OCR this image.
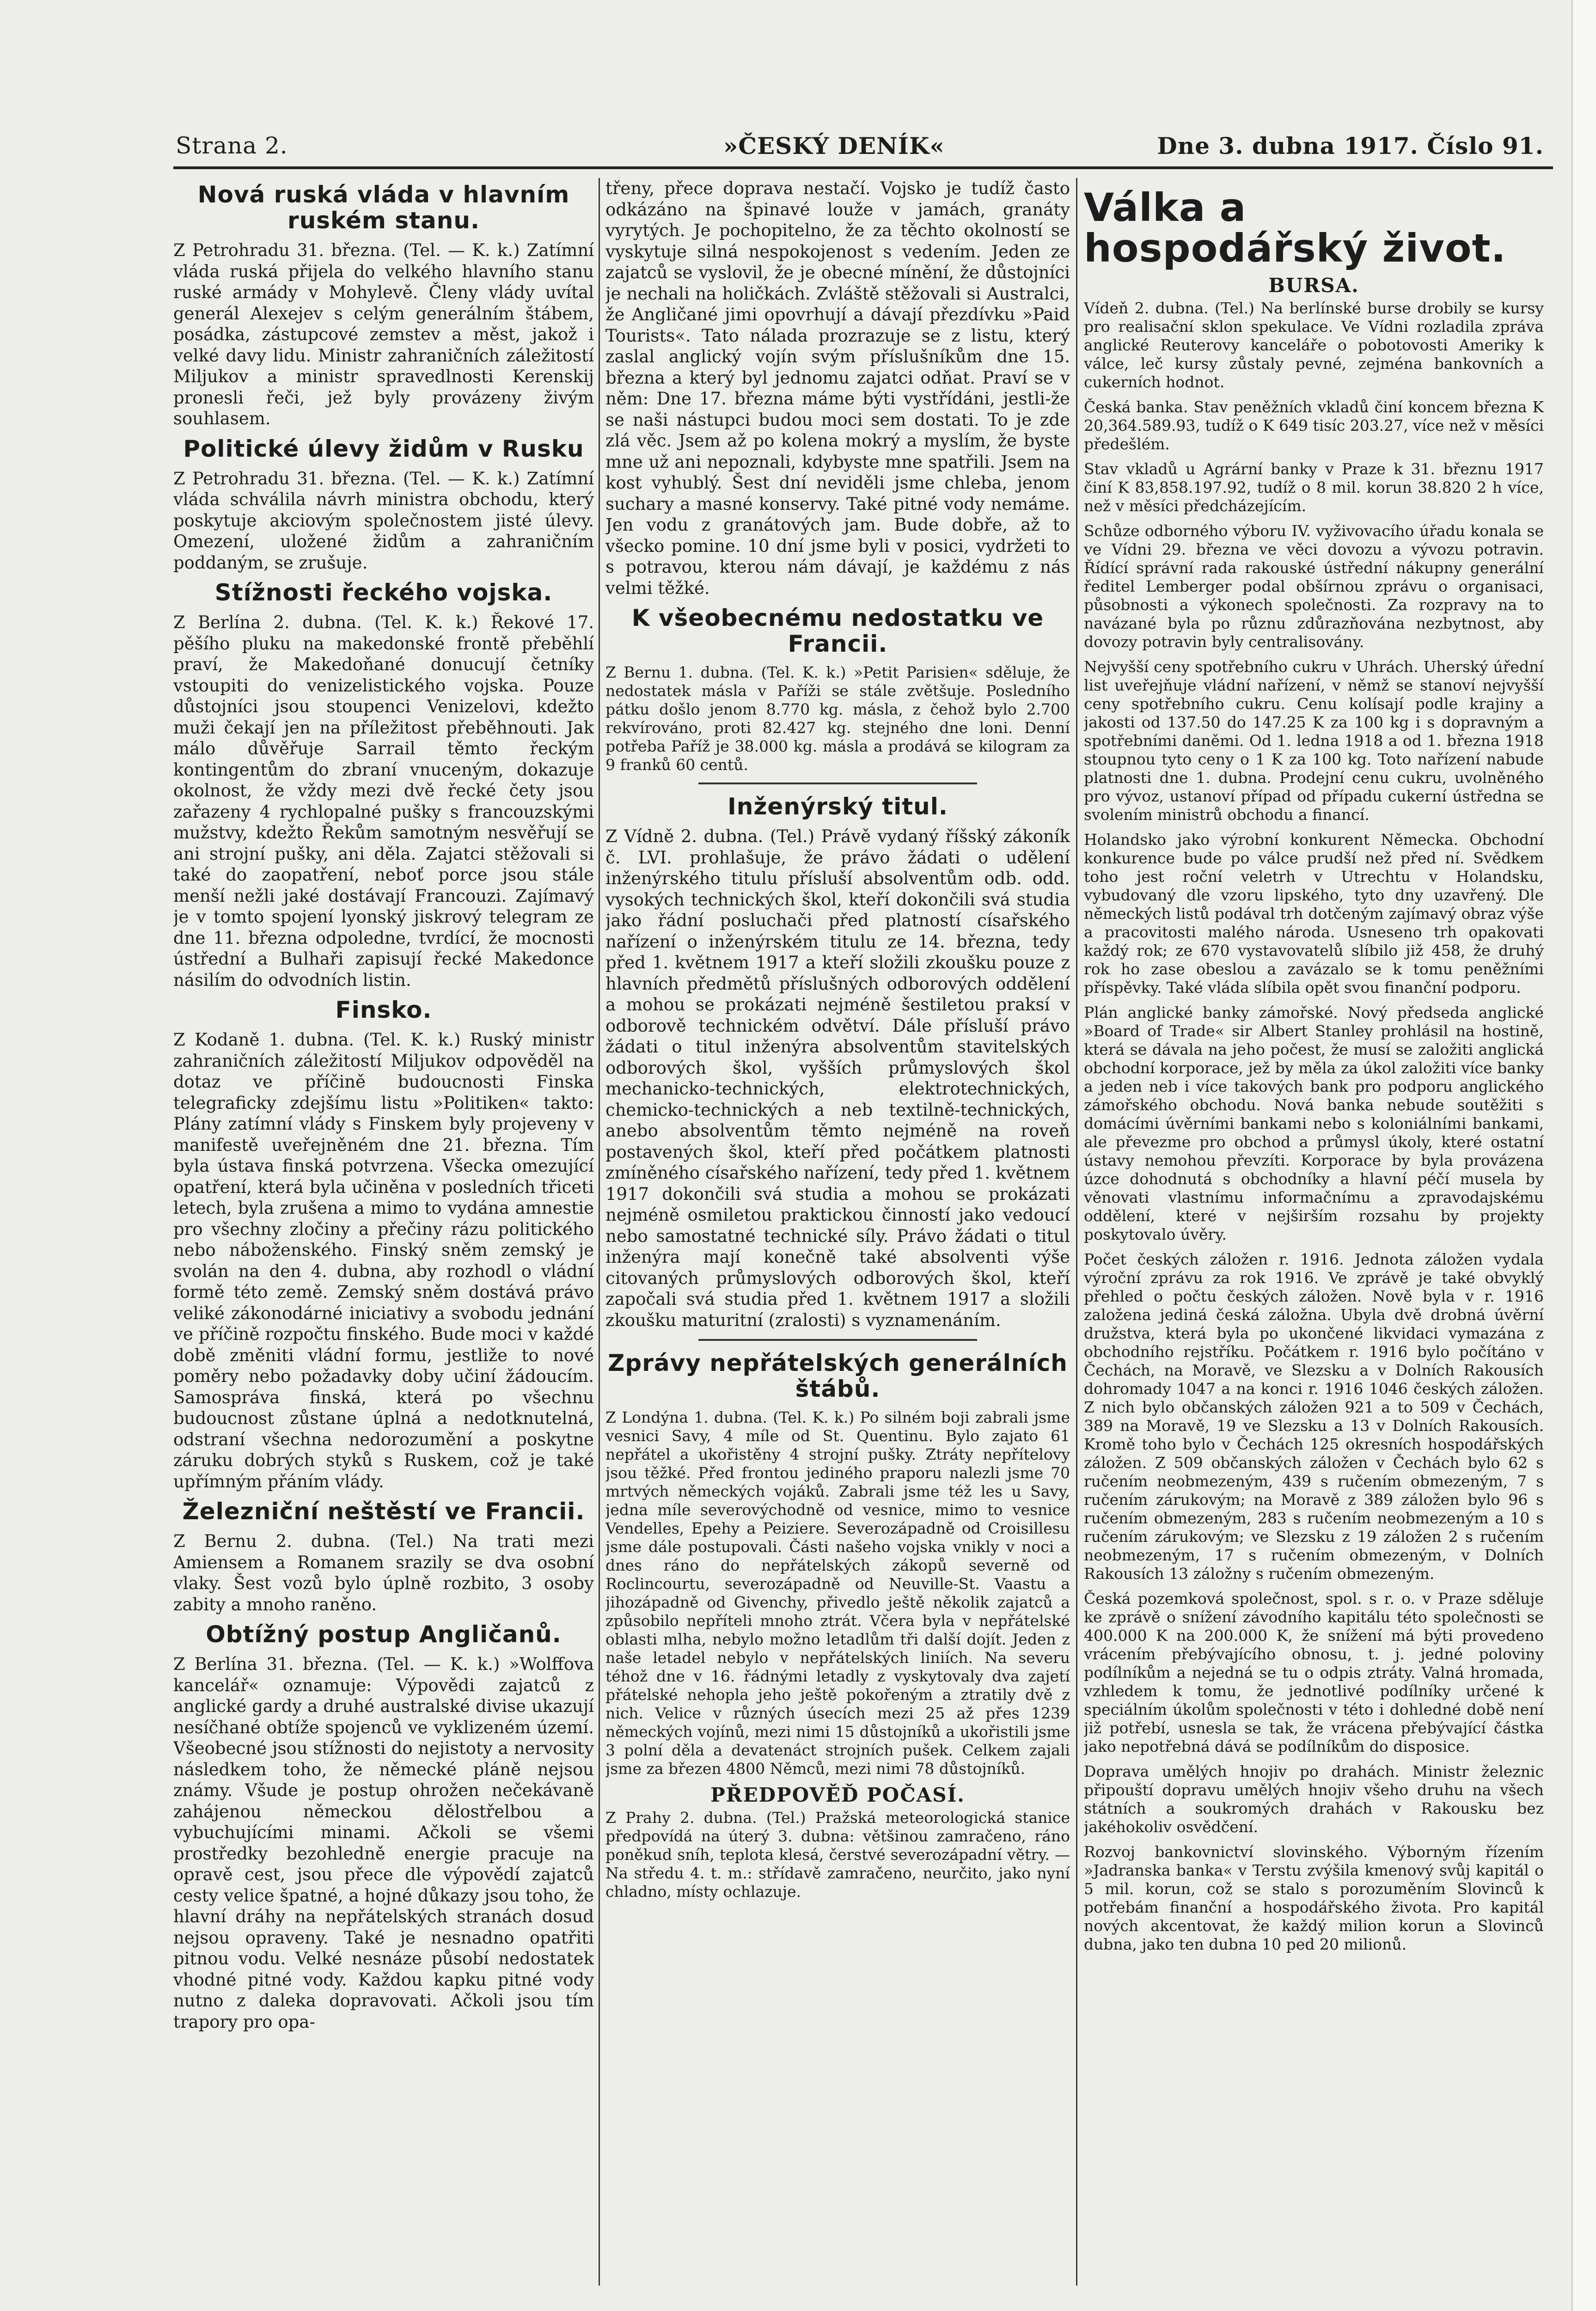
Strana 2.	»ČESKÝ DENÍK«	Dne 3. dubna 1917. Číslo 91.
Nová ruská vláda v hlavním ruském stanu.

Z Petrohradu 31. března. (Tel. — K. k.) Zatímní vláda ruská přijela do velkého hlavního stanu ruské armády v Mohylevě. Členy vlády uvítal generál Alexejev s celým generálním štábem, posádka, zástupcové zemstev a měst, jakož i velké davy lidu. Ministr zahraničních záležitostí Miljukov a ministr spravedlnosti Kerenskij pronesli řeči, jež byly provázeny živým souhlasem.

Politické úlevy židům v Rusku

Z Petrohradu 31. března. (Tel. — K. k.) Zatímní vláda schválila návrh ministra obchodu, který poskytuje akciovým společnostem jisté úlevy. Omezení, uložené židům a zahraničním poddaným, se zrušuje.

Stížnosti řeckého vojska.

Z Berlína 2. dubna. (Tel. K. k.) Řekové 17. pěšího pluku na makedonské frontě přeběhlí praví, že Makedoňané donucují četníky vstoupiti do venizelistického vojska. Pouze důstojníci jsou stoupenci Venizelovi, kdežto muži čekají jen na příležitost přeběhnouti. Jak málo důvěřuje Sarrail těmto řeckým kontingentům do zbraní vnuceným, dokazuje okolnost, že vždy mezi dvě řecké čety jsou zařazeny 4 rychlopalné pušky s francouzskými mužstvy, kdežto Řekům samotným nesvěřují se ani strojní pušky, ani děla. Zajatci stěžovali si také do zaopatření, neboť porce jsou stále menší nežli jaké dostávají Francouzi. Zajímavý je v tomto spojení lyonský jiskrový telegram ze dne 11. března odpoledne, tvrdící, že mocnosti ústřední a Bulhaři zapisují řecké Makedonce násilím do odvodních listin.

Finsko.

Z Kodaně 1. dubna. (Tel. K. k.) Ruský ministr zahraničních záležitostí Miljukov odpověděl na dotaz ve příčině budoucnosti Finska telegraficky zdejšímu listu »Politiken« takto: Plány zatímní vlády s Finskem byly projeveny v manifestě uveřejněném dne 21. března. Tím byla ústava finská potvrzena. Všecka omezující opatření, která byla učiněna v posledních třiceti letech, byla zrušena a mimo to vydána amnestie pro všechny zločiny a přečiny rázu politického nebo náboženského. Finský sněm zemský je svolán na den 4. dubna, aby rozhodl o vládní formě této země. Zemský sněm dostává právo veliké zákonodárné iniciativy a svobodu jednání ve příčině rozpočtu finského. Bude moci v každé době změniti vládní formu, jestliže to nové poměry nebo požadavky doby učiní žádoucím. Samospráva finská, která po všechnu budoucnost zůstane úplná a nedotknutelná, odstraní všechna nedorozumění a poskytne záruku dobrých styků s Ruskem, což je také upřímným přáním vlády.

Železniční neštěstí ve Francii.

Z Bernu 2. dubna. (Tel.) Na trati mezi Amiensem a Romanem srazily se dva osobní vlaky. Šest vozů bylo úplně rozbito, 3 osoby zabity a mnoho raněno.

Obtížný postup Angličanů.

Z Berlína 31. března. (Tel. — K. k.) »Wolffova kancelář« oznamuje: Výpovědi zajatců z anglické gardy a druhé australské divise ukazují nesíčhané obtíže spojenců ve vyklizeném území. Všeobecné jsou stížnosti do nejistoty a nervosity následkem toho, že německé pláně nejsou známy. Všude je postup ohrožen nečekávaně zahájenou německou dělostřelbou a vybuchujícími minami. Ačkoli se všemi prostředky bezohledně energie pracuje na opravě cest, jsou přece dle výpovědí zajatců cesty velice špatné, a hojné důkazy jsou toho, že hlavní dráhy na nepřátelských stranách dosud nejsou opraveny. Také je nesnadno opatřiti pitnou vodu. Velké nesnáze působí nedostatek vhodné pitné vody. Každou kapku pitné vody nutno z daleka dopravovati. Ačkoli jsou tím trapory pro opa-

třeny, přece doprava nestačí. Vojsko je tudíž často odkázáno na špinavé louže v jamách, granáty vyrytých. Je pochopitelno, že za těchto okolností se vyskytuje silná nespokojenost s vedením. Jeden ze zajatců se vyslovil, že je obecné mínění, že důstojníci je nechali na holičkách. Zvláště stěžovali si Australci, že Angličané jimi opovrhují a dávají přezdívku »Paid Tourists«. Tato nálada prozrazuje se z listu, který zaslal anglický vojín svým příslušníkům dne 15. března a který byl jednomu zajatci odňat. Praví se v něm: Dne 17. března máme býti vystřídáni, jestli-že se naši nástupci budou moci sem dostati. To je zde zlá věc. Jsem až po kolena mokrý a myslím, že byste mne už ani nepoznali, kdybyste mne spatřili. Jsem na kost vyhublý. Šest dní neviděli jsme chleba, jenom suchary a masné konservy. Také pitné vody nemáme. Jen vodu z granátových jam. Bude dobře, až to všecko pomine. 10 dní jsme byli v posici, vydržeti to s potravou, kterou nám dávají, je každému z nás velmi těžké.

K všeobecnému nedostatku ve Francii.

Z Bernu 1. dubna. (Tel. K. k.) »Petit Parisien« sděluje, že nedostatek másla v Paříži se stále zvětšuje. Posledního pátku došlo jenom 8.770 kg. másla, z čehož bylo 2.700 rekvírováno, proti 82.427 kg. stejného dne loni. Denní potřeba Paříž je 38.000 kg. másla a prodává se kilogram za 9 franků 60 centů.

Inženýrský titul.

Z Vídně 2. dubna. (Tel.) Právě vydaný říšský zákoník č. LVI. prohlašuje, že právo žádati o udělení inženýrského titulu přísluší absolventům odb. odd. vysokých technických škol, kteří dokončili svá studia jako řádní posluchači před platností císařského nařízení o inženýrském titulu ze 14. března, tedy před 1. květnem 1917 a kteří složili zkoušku pouze z hlavních předmětů příslušných odborových oddělení a mohou se prokázati nejméně šestiletou praksí v odborově technickém odvětví. Dále přísluší právo žádati o titul inženýra absolventům stavitelských odborových škol, vyšších průmyslových škol mechanicko-technických, elektrotechnických, chemicko-technických a neb textilně-technických, anebo absolventům těmto nejméně na roveň postavených škol, kteří před počátkem platnosti zmíněného císařského nařízení, tedy před 1. květnem 1917 dokončili svá studia a mohou se prokázati nejméně osmiletou praktickou činností jako vedoucí nebo samostatné technické síly. Právo žádati o titul inženýra mají konečně také absolventi výše citovaných průmyslových odborových škol, kteří započali svá studia před 1. květnem 1917 a složili zkoušku maturitní (zralosti) s vyznamenáním.

Zprávy nepřátelských generálních štábů.

Z Londýna 1. dubna. (Tel. K. k.) Po silném boji zabrali jsme vesnici Savy, 4 míle od St. Quentinu. Bylo zajato 61 nepřátel a ukořistěny 4 strojní pušky. Ztráty nepřítelovy jsou těžké. Před frontou jediného praporu nalezli jsme 70 mrtvých německých vojáků. Zabrali jsme též les u Savy, jedna míle severovýchodně od vesnice, mimo to vesnice Vendelles, Epehy a Peiziere. Severozápadně od Croisillesu jsme dále postupovali. Části našeho vojska vnikly v noci a dnes ráno do nepřátelských zákopů severně od Roclincourtu, severozápadně od Neuville-St. Vaastu a jihozápadně od Givenchy, přivedlo ještě několik zajatců a způsobilo nepříteli mnoho ztrát. Včera byla v nepřátelské oblasti mlha, nebylo možno letadlům tři další dojít. Jeden z naše letadel nebylo v nepřátelských liniích. Na severu téhož dne v 16. řádnými letadly z vyskytovaly dva zajetí přátelské nehopla jeho ještě pokořeným a ztratily dvě z nich. Velice v různých úsecích mezi 25 až přes 1239 německých vojínů, mezi nimi 15 důstojníků a ukořistili jsme 3 polní děla a devatenáct strojních pušek. Celkem zajali jsme za březen 4800 Němců, mezi nimi 78 důstojníků.

PŘEDPOVĚĎ POČASÍ.

Z Prahy 2. dubna. (Tel.) Pražská meteorologická stanice předpovídá na úterý 3. dubna: většinou zamračeno, ráno poněkud sníh, teplota klesá, čerstvé severozápadní větry. — Na středu 4. t. m.: střídavě zamračeno, neurčito, jako nyní chladno, místy ochlazuje.

Válka a hospodářský život.
BURSA.

Vídeň 2. dubna. (Tel.) Na berlínské burse drobily se kursy pro realisační sklon spekulace. Ve Vídni rozladila zpráva anglické Reuterovy kanceláře o pobotovosti Ameriky k válce, leč kursy zůstaly pevné, zejména bankovních a cukerních hodnot.

Česká banka. Stav peněžních vkladů činí koncem března K 20,364.589.93, tudíž o K 649 tisíc 203.27, více než v měsíci předešlém.

Stav vkladů u Agrární banky v Praze k 31. březnu 1917 činí K 83,858.197.92, tudíž o 8 mil. korun 38.820 2 h více, než v měsíci předcházejícím.

Schůze odborného výboru IV. vyživovacího úřadu konala se ve Vídni 29. března ve věci dovozu a vývozu potravin. Řídící správní rada rakouské ústřední nákupny generální ředitel Lemberger podal obšírnou zprávu o organisaci, působnosti a výkonech společnosti. Za rozpravy na to navázané byla po různu zdůrazňována nezbytnost, aby dovozy potravin byly centralisovány.

Nejvyšší ceny spotřebního cukru v Uhrách. Uherský úřední list uveřejňuje vládní nařízení, v němž se stanoví nejvyšší ceny spotřebního cukru. Cenu kolísají podle krajiny a jakosti od 137.50 do 147.25 K za 100 kg i s dopravným a spotřebními daněmi. Od 1. ledna 1918 a od 1. března 1918 stoupnou tyto ceny o 1 K za 100 kg. Toto nařízení nabude platnosti dne 1. dubna. Prodejní cenu cukru, uvolněného pro vývoz, ustanoví případ od případu cukerní ústředna se svolením ministrů obchodu a financí.

Holandsko jako výrobní konkurent Německa. Obchodní konkurence bude po válce prudší než před ní. Svědkem toho jest roční veletrh v Utrechtu v Holandsku, vybudovaný dle vzoru lipského, tyto dny uzavřený. Dle německých listů podával trh dotčeným zajímavý obraz výše a pracovitosti malého národa. Usneseno trh opakovati každý rok; ze 670 vystavovatelů slíbilo již 458, že druhý rok ho zase obeslou a zavázalo se k tomu peněžními příspěvky. Také vláda slíbila opět svou finanční podporu.

Plán anglické banky zámořské. Nový předseda anglické »Board of Trade« sir Albert Stanley prohlásil na hostině, která se dávala na jeho počest, že musí se založiti anglická obchodní korporace, jež by měla za úkol založiti více banky a jeden neb i více takových bank pro podporu anglického zámořského obchodu. Nová banka nebude soutěžiti s domácími úvěrními bankami nebo s koloniálními bankami, ale převezme pro obchod a průmysl úkoly, které ostatní ústavy nemohou převzíti. Korporace by byla provázena úzce dohodnutá s obchodníky a hlavní péčí musela by věnovati vlastnímu informačnímu a zpravodajskému oddělení, které v nejširším rozsahu by projekty poskytovalo úvěry.

Počet českých záložen r. 1916. Jednota záložen vydala výroční zprávu za rok 1916. Ve zprávě je také obvyklý přehled o počtu českých záložen. Nově byla v r. 1916 založena jediná česká záložna. Ubyla dvě drobná úvěrní družstva, která byla po ukončené likvidaci vymazána z obchodního rejstříku. Počátkem r. 1916 bylo počítáno v Čechách, na Moravě, ve Slezsku a v Dolních Rakousích dohromady 1047 a na konci r. 1916 1046 českých záložen. Z nich bylo občanských záložen 921 a to 509 v Čechách, 389 na Moravě, 19 ve Slezsku a 13 v Dolních Rakousích. Kromě toho bylo v Čechách 125 okresních hospodářských záložen. Z 509 občanských záložen v Čechách bylo 62 s ručením neobmezeným, 439 s ručením obmezeným, 7 s ručením zárukovým; na Moravě z 389 záložen bylo 96 s ručením obmezeným, 283 s ručením neobmezeným a 10 s ručením zárukovým; ve Slezsku z 19 záložen 2 s ručením neobmezeným, 17 s ručením obmezeným, v Dolních Rakousích 13 záložny s ručením obmezeným.

Česká pozemková společnost, spol. s r. o. v Praze sděluje ke zprávě o snížení závodního kapitálu této společnosti se 400.000 K na 200.000 K, že snížení má býti provedeno vrácením přebývajícího obnosu, t. j. jedné poloviny podílníkům a nejedná se tu o odpis ztráty. Valná hromada, vzhledem k tomu, že jednotlivé podílníky určené k speciálním úkolům společnosti v této i dohledné době není již potřebí, usnesla se tak, že vrácena přebývající částka jako nepotřebná dává se podílníkům do disposice.

Doprava umělých hnojiv po drahách. Ministr železnic připouští dopravu umělých hnojiv všeho druhu na všech státních a soukromých drahách v Rakousku bez jakéhokoliv osvědčení.

Rozvoj bankovnictví slovinského. Výborným řízením »Jadranska banka« v Terstu zvýšila kmenový svůj kapitál o 5 mil. korun, což se stalo s porozuměním Slovinců k potřebám finanční a hospodářského života. Pro kapitál nových akcentovat, že každý milion korun a Slovinců dubna, jako ten dubna 10 ped 20 milionů.
